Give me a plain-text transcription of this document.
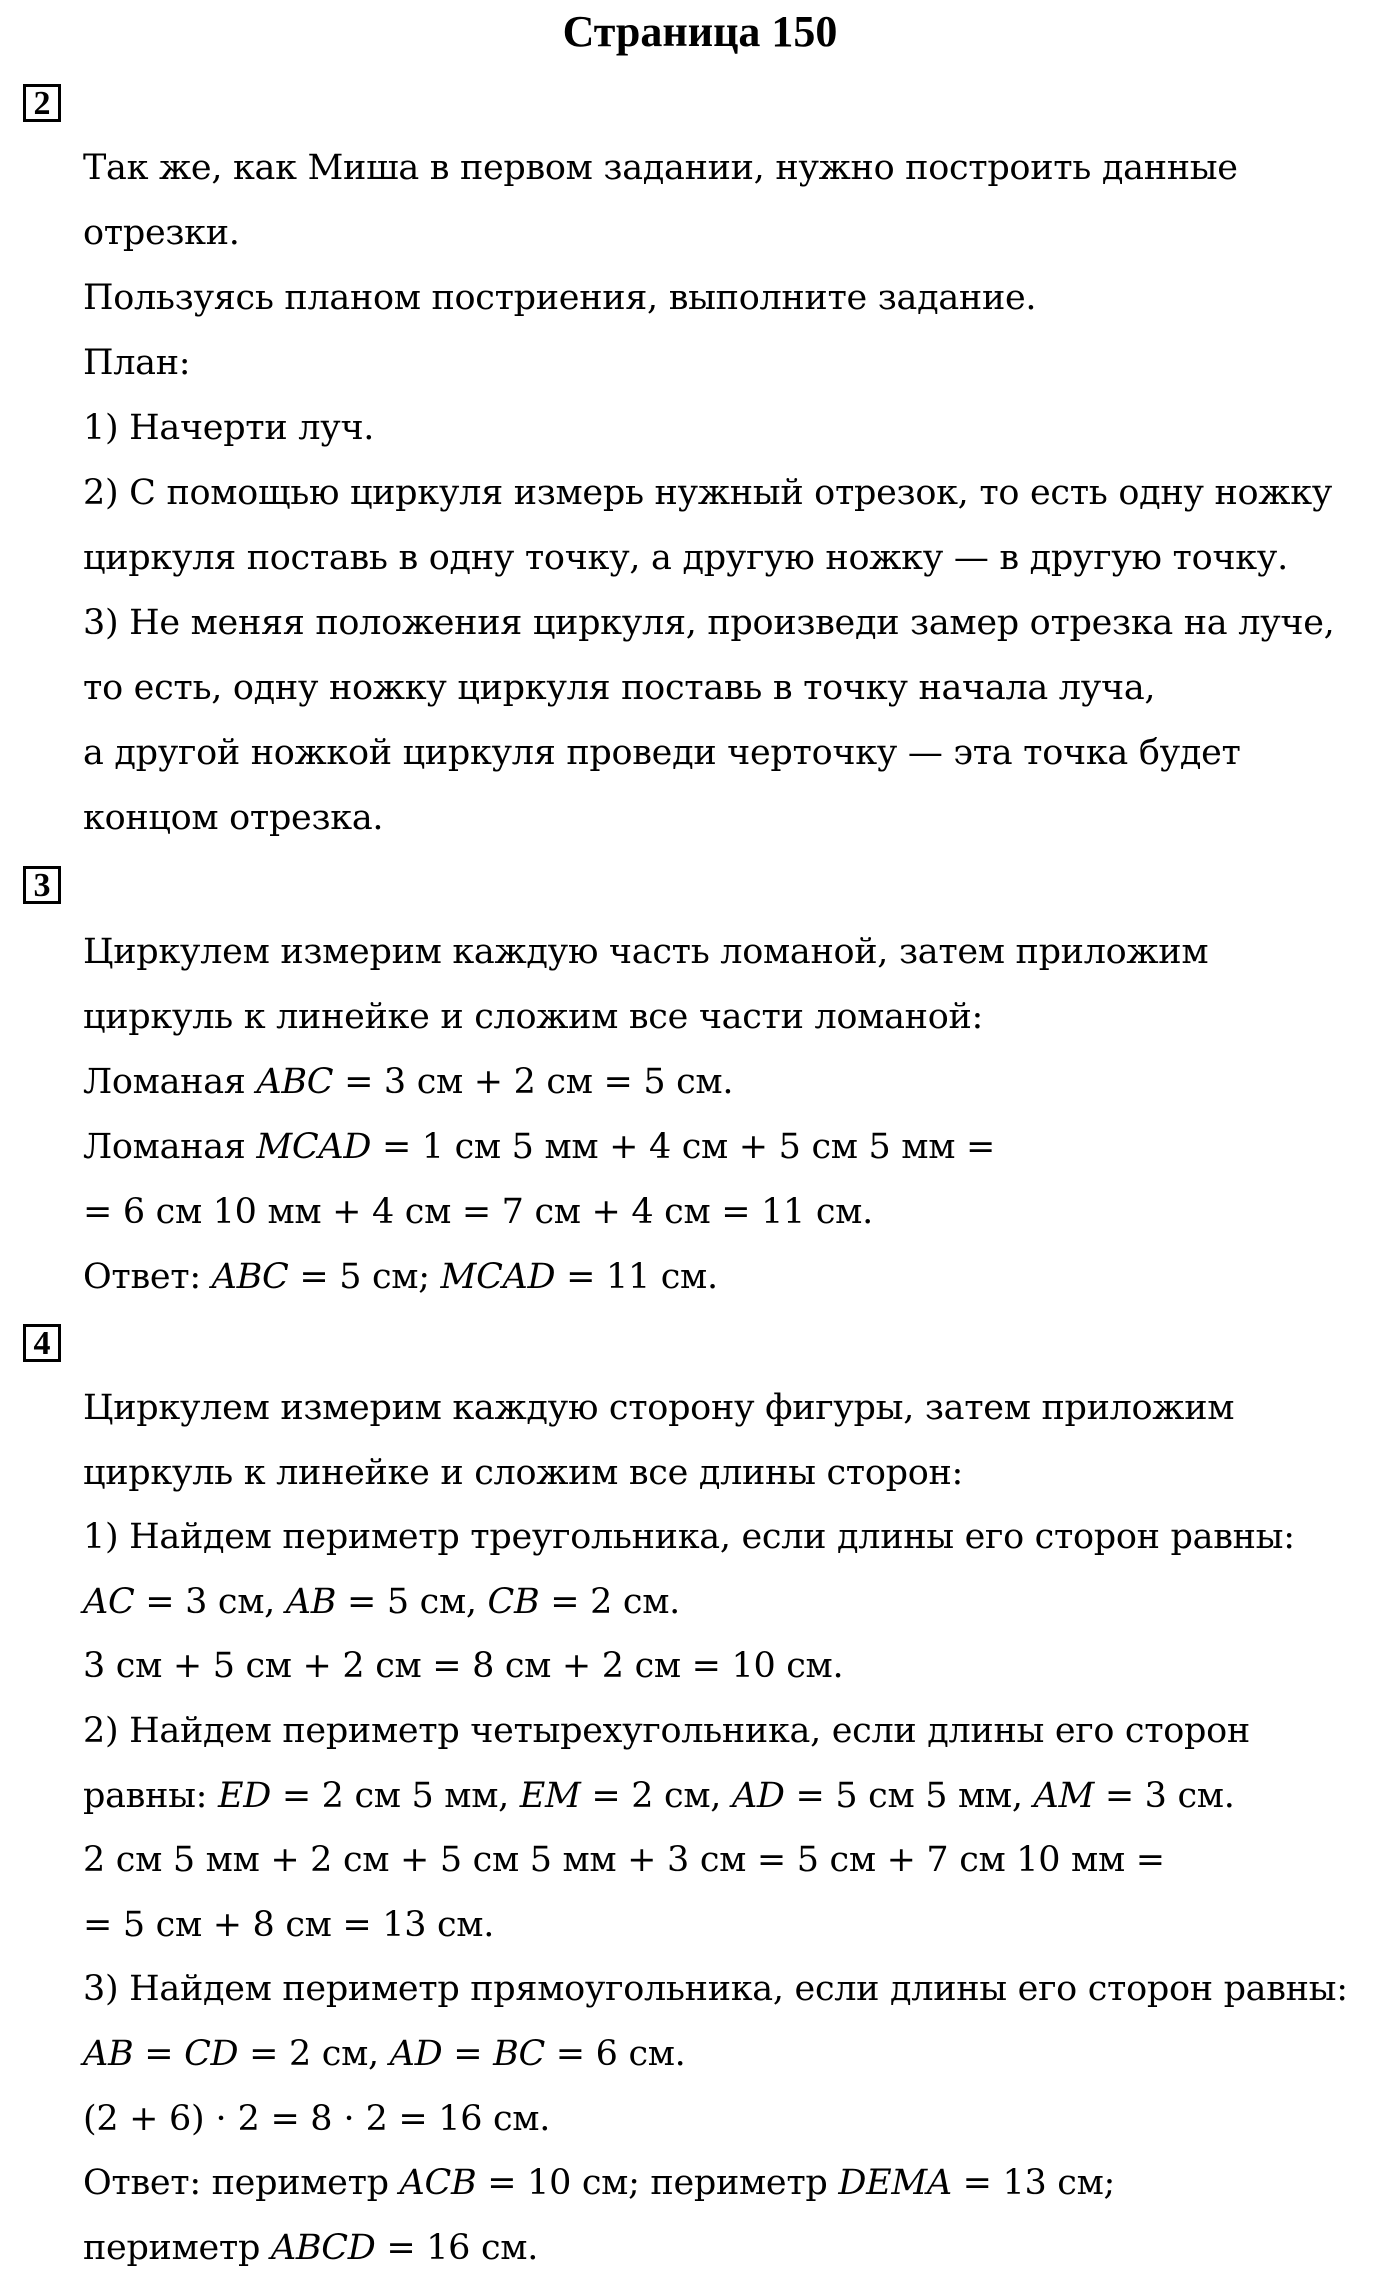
Страница 150
2
Так же, как Миша в первом задании, нужно построить данные
отрезки.
Пользуясь планом постриения, выполните задание.
План:
1) Начерти луч.
2) С помощью циркуля измерь нужный отрезок, то есть одну ножку
циркуля поставь в одну точку, а другую ножку — в другую точку.
3) Не меняя положения циркуля, произведи замер отрезка на луче,
то есть, одну ножку циркуля поставь в точку начала луча,
а другой ножкой циркуля проведи черточку — эта точка будет
концом отрезка.
3
Циркулем измерим каждую часть ломаной, затем приложим
циркуль к линейке и сложим все части ломаной:
Ломаная 𝐴𝐵𝐶 = 3 см + 2 см = 5 см.
Ломаная 𝑀𝐶𝐴𝐷 = 1 см 5 мм + 4 см + 5 см 5 мм =
= 6 см 10 мм + 4 см = 7 см + 4 см = 11 см.
Ответ: 𝐴𝐵𝐶 = 5 см; 𝑀𝐶𝐴𝐷 = 11 см.
4
Циркулем измерим каждую сторону фигуры, затем приложим
циркуль к линейке и сложим все длины сторон:
1) Найдем периметр треугольника, если длины его сторон равны:
𝐴𝐶 = 3 см, 𝐴𝐵 = 5 см, 𝐶𝐵 = 2 см.
3 см + 5 см + 2 см = 8 см + 2 см = 10 см.
2) Найдем периметр четырехугольника, если длины его сторон
равны: 𝐸𝐷 = 2 см 5 мм, 𝐸𝑀 = 2 см, 𝐴𝐷 = 5 см 5 мм, 𝐴𝑀 = 3 см.
2 см 5 мм + 2 см + 5 см 5 мм + 3 см = 5 см + 7 см 10 мм =
= 5 см + 8 см = 13 см.
3) Найдем периметр прямоугольника, если длины его сторон равны:
𝐴𝐵 = 𝐶𝐷 = 2 см, 𝐴𝐷 = 𝐵𝐶 = 6 см.
(2 + 6) ⋅ 2 = 8 ⋅ 2 = 16 см.
Ответ: периметр 𝐴𝐶𝐵 = 10 см; периметр 𝐷𝐸𝑀𝐴 = 13 см;
периметр 𝐴𝐵𝐶𝐷 = 16 см.
